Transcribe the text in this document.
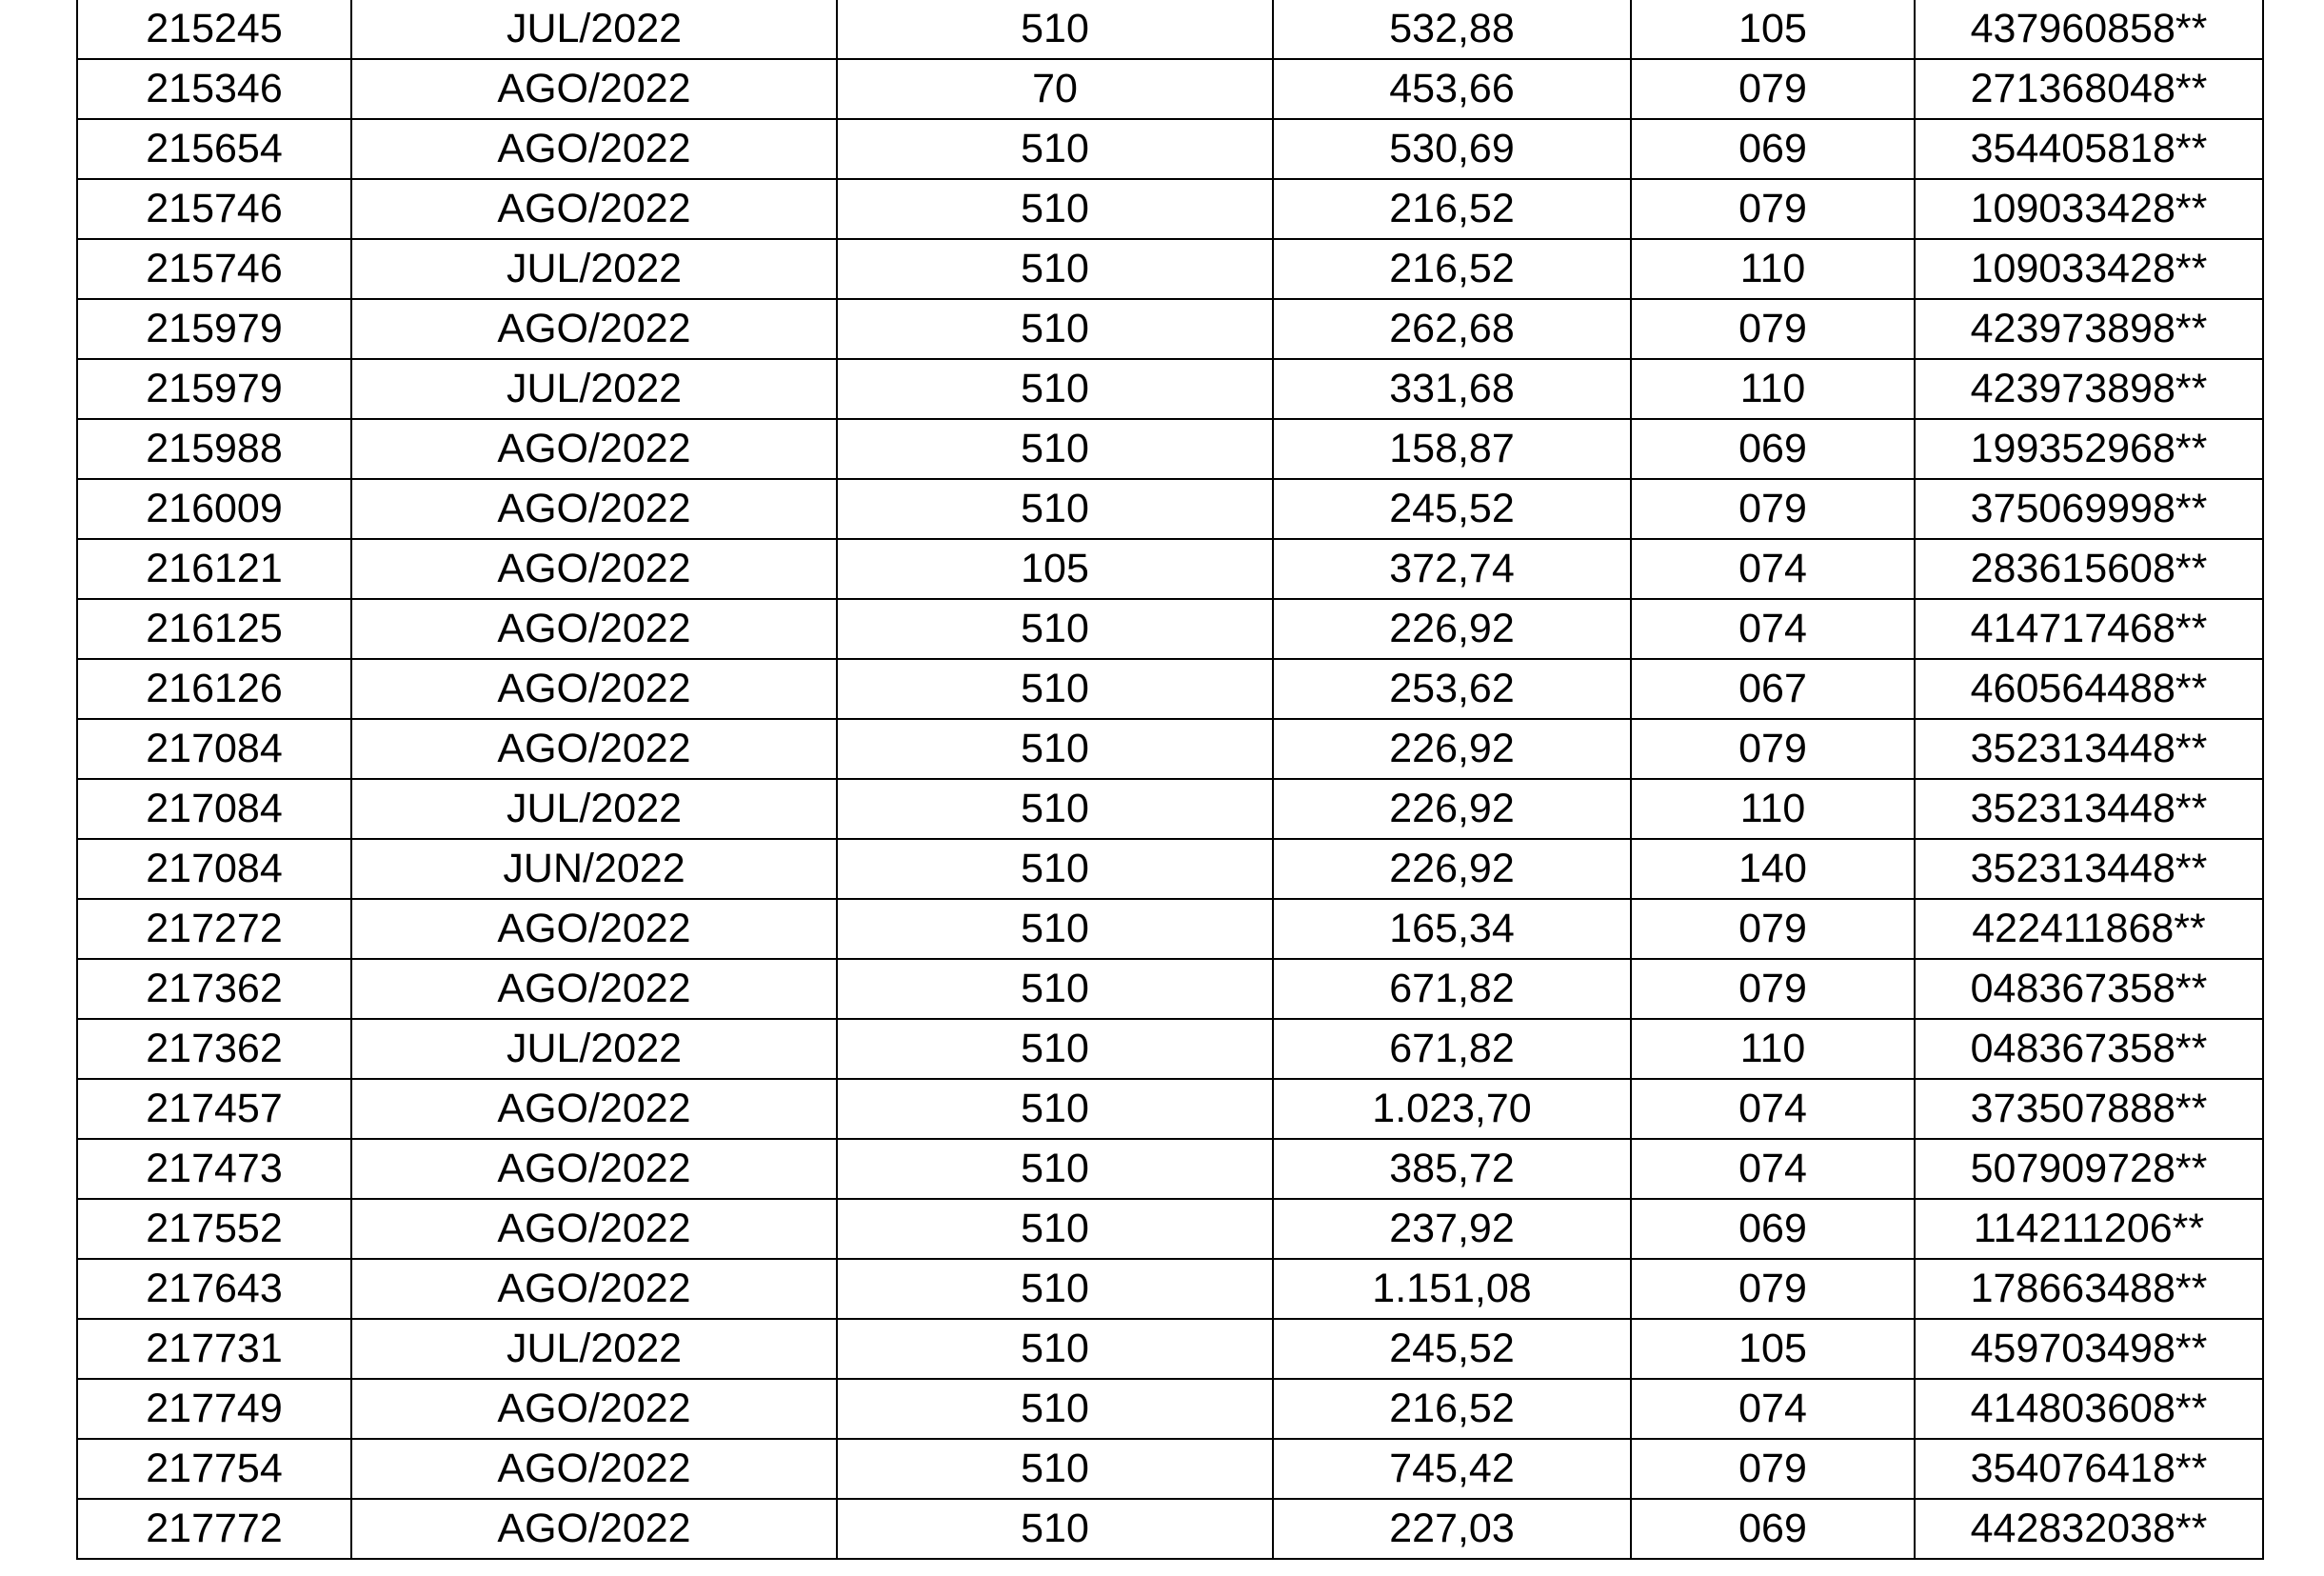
215245	JUL/2022	510	532,88	105	437960858**
215346	AGO/2022	70	453,66	079	271368048**
215654	AGO/2022	510	530,69	069	354405818**
215746	AGO/2022	510	216,52	079	109033428**
215746	JUL/2022	510	216,52	110	109033428**
215979	AGO/2022	510	262,68	079	423973898**
215979	JUL/2022	510	331,68	110	423973898**
215988	AGO/2022	510	158,87	069	199352968**
216009	AGO/2022	510	245,52	079	375069998**
216121	AGO/2022	105	372,74	074	283615608**
216125	AGO/2022	510	226,92	074	414717468**
216126	AGO/2022	510	253,62	067	460564488**
217084	AGO/2022	510	226,92	079	352313448**
217084	JUL/2022	510	226,92	110	352313448**
217084	JUN/2022	510	226,92	140	352313448**
217272	AGO/2022	510	165,34	079	422411868**
217362	AGO/2022	510	671,82	079	048367358**
217362	JUL/2022	510	671,82	110	048367358**
217457	AGO/2022	510	1.023,70	074	373507888**
217473	AGO/2022	510	385,72	074	507909728**
217552	AGO/2022	510	237,92	069	114211206**
217643	AGO/2022	510	1.151,08	079	178663488**
217731	JUL/2022	510	245,52	105	459703498**
217749	AGO/2022	510	216,52	074	414803608**
217754	AGO/2022	510	745,42	079	354076418**
217772	AGO/2022	510	227,03	069	442832038**
